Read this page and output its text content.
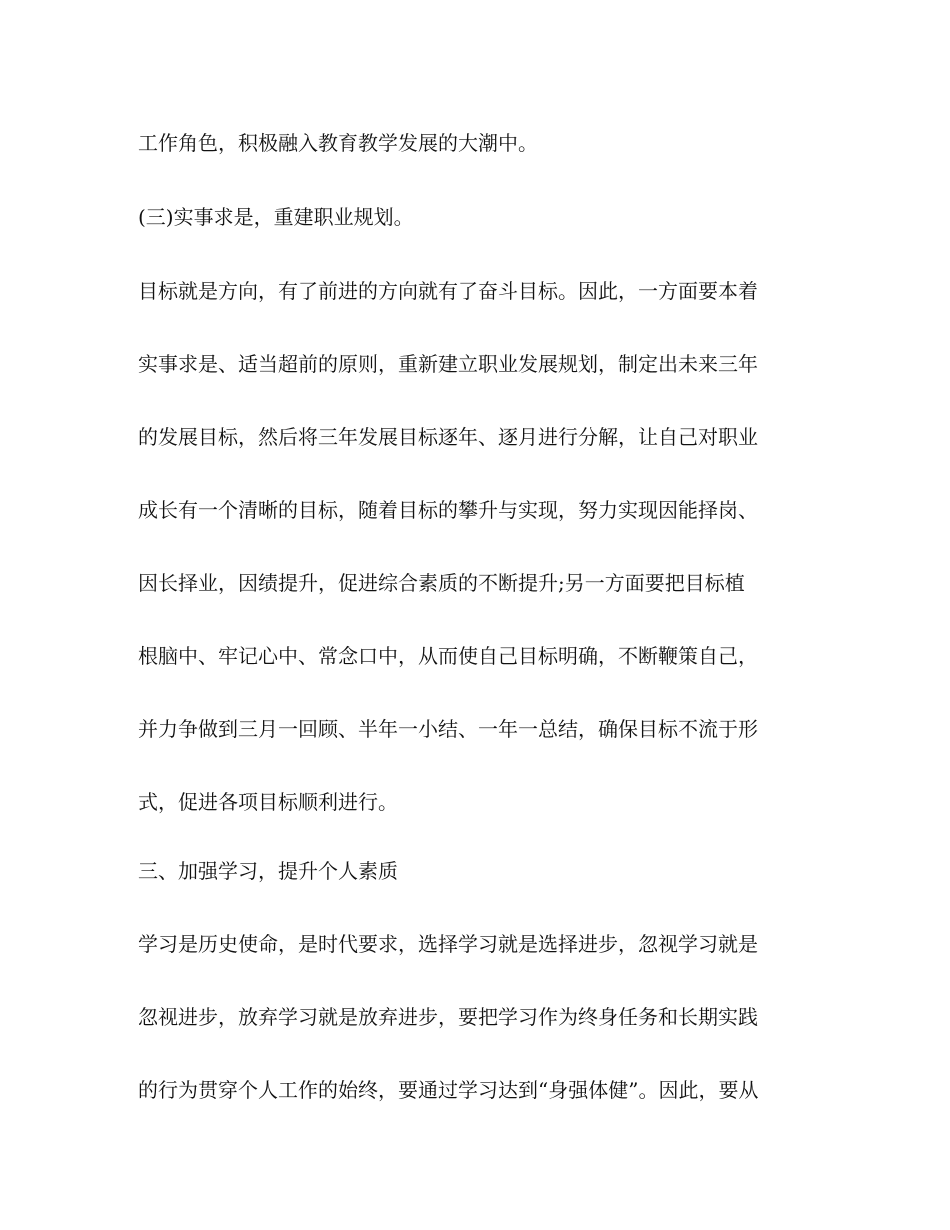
工作角色，积极融入教育教学发展的大潮中。
(三)实事求是，重建职业规划。
目标就是方向，有了前进的方向就有了奋斗目标。因此，一方面要本着
实事求是、适当超前的原则，重新建立职业发展规划，制定出未来三年
的发展目标，然后将三年发展目标逐年、逐月进行分解，让自己对职业
成长有一个清晰的目标，随着目标的攀升与实现，努力实现因能择岗、
因长择业，因绩提升，促进综合素质的不断提升;另一方面要把目标植
根脑中、牢记心中、常念口中，从而使自己目标明确，不断鞭策自己，
并力争做到三月一回顾、半年一小结、一年一总结，确保目标不流于形
式，促进各项目标顺利进行。
三、加强学习，提升个人素质
学习是历史使命，是时代要求，选择学习就是选择进步，忽视学习就是
忽视进步，放弃学习就是放弃进步，要把学习作为终身任务和长期实践
的行为贯穿个人工作的始终，要通过学习达到“身强体健”。因此，要从
